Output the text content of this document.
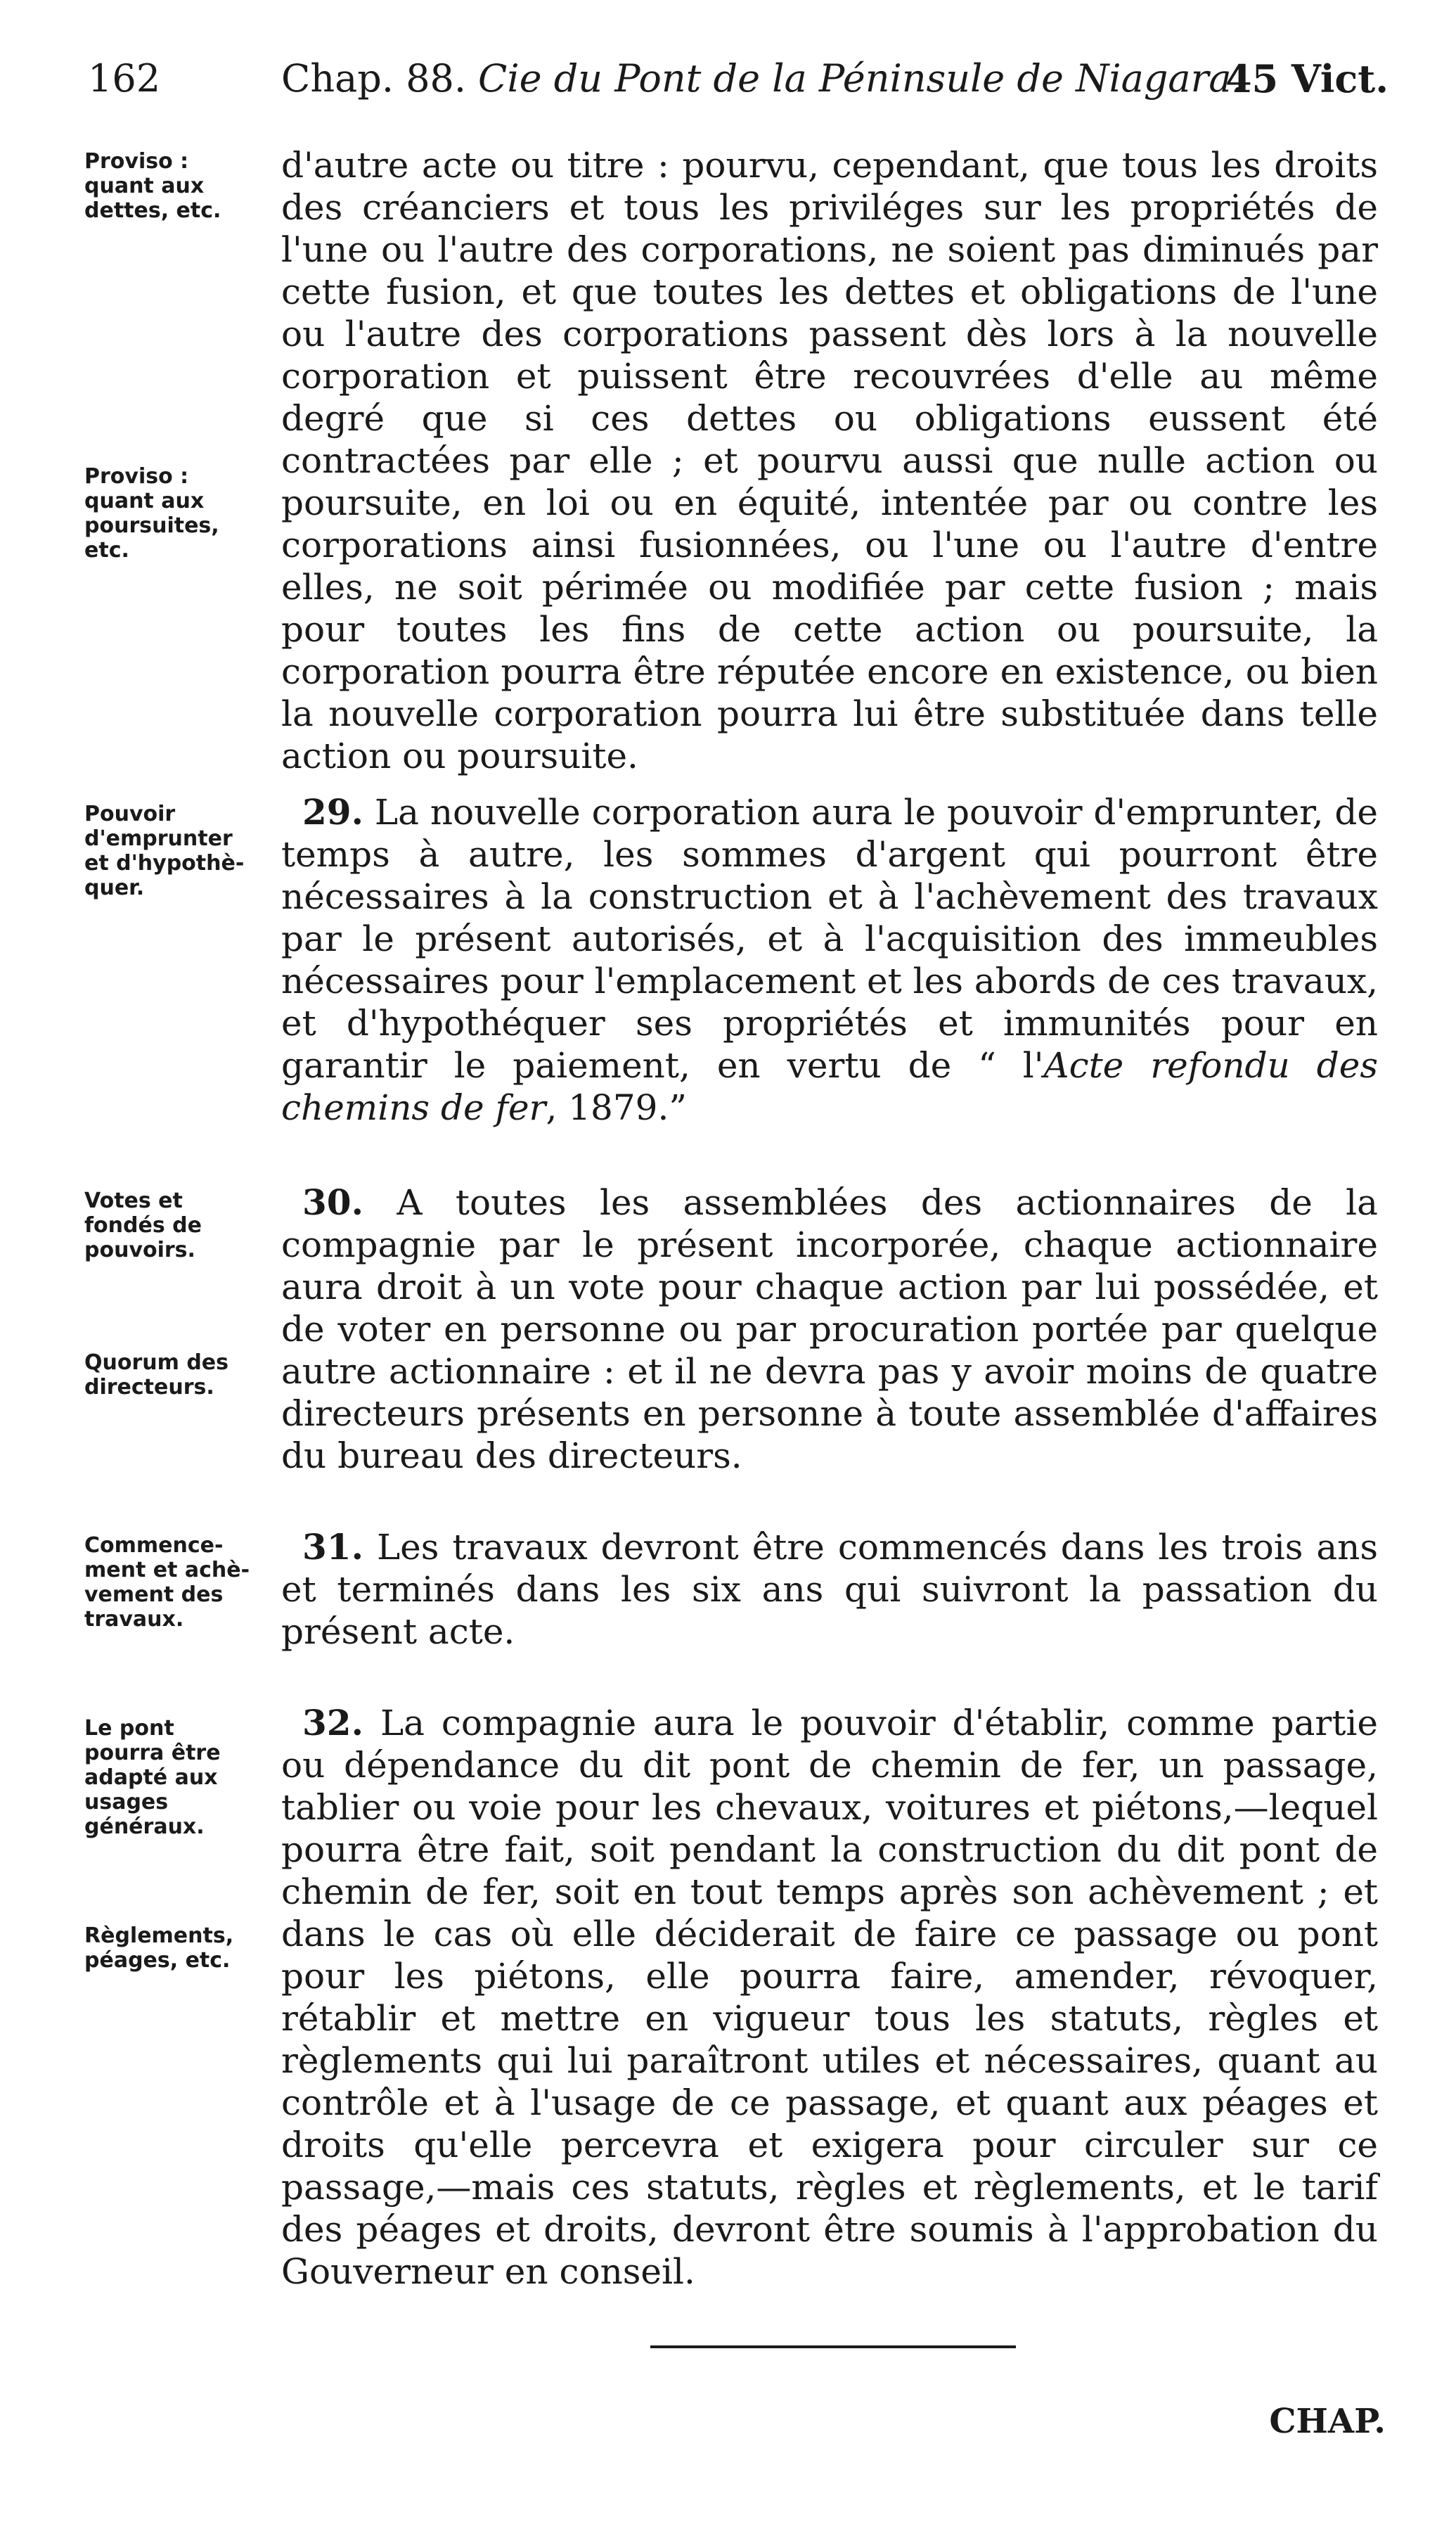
162	Chap. 88. Cie du Pont de la Péninsule de Niagara.
45 Vict.
Proviso :
quant aux
dettes, etc.
Proviso :
quant aux
poursuites,
etc.
Pouvoir
d'emprunter
et d'hypothè-
quer.
Votes et
fondés de
pouvoirs.
Quorum des
directeurs.
Commence-
ment et achè-
vement des
travaux.
Le pont
pourra être
adapté aux
usages
généraux.
Règlements,
péages, etc.
d'autre acte ou titre : pourvu, cependant, que tous les droits des créanciers et tous les priviléges sur les propriétés de l'une ou l'autre des corporations, ne soient pas diminués par cette fusion, et que toutes les dettes et obligations de l'une ou l'autre des corporations passent dès lors à la nouvelle corporation et puissent être recouvrées d'elle au même degré que si ces dettes ou obligations eussent été contractées par elle ; et pourvu aussi que nulle action ou poursuite, en loi ou en équité, intentée par ou contre les corporations ainsi fusionnées, ou l'une ou l'autre d'entre elles, ne soit périmée ou modifiée par cette fusion ; mais pour toutes les fins de cette action ou poursuite, la corporation pourra être réputée encore en existence, ou bien la nouvelle corporation pourra lui être substituée dans telle action ou poursuite.
29. La nouvelle corporation aura le pouvoir d'emprunter, de temps à autre, les sommes d'argent qui pourront être nécessaires à la construction et à l'achèvement des travaux par le présent autorisés, et à l'acquisition des immeubles nécessaires pour l'emplacement et les abords de ces travaux, et d'hypothéquer ses propriétés et immunités pour en garantir le paiement, en vertu de “ l'Acte refondu des chemins de fer, 1879.”
30. A toutes les assemblées des actionnaires de la compagnie par le présent incorporée, chaque actionnaire aura droit à un vote pour chaque action par lui possédée, et de voter en personne ou par procuration portée par quelque autre actionnaire : et il ne devra pas y avoir moins de quatre directeurs présents en personne à toute assemblée d'affaires du bureau des directeurs.
31. Les travaux devront être commencés dans les trois ans et terminés dans les six ans qui suivront la passation du présent acte.
32. La compagnie aura le pouvoir d'établir, comme partie ou dépendance du dit pont de chemin de fer, un passage, tablier ou voie pour les chevaux, voitures et piétons,—lequel pourra être fait, soit pendant la construction du dit pont de chemin de fer, soit en tout temps après son achèvement ; et dans le cas où elle déciderait de faire ce passage ou pont pour les piétons, elle pourra faire, amender, révoquer, rétablir et mettre en vigueur tous les statuts, règles et règlements qui lui paraîtront utiles et nécessaires, quant au contrôle et à l'usage de ce passage, et quant aux péages et droits qu'elle percevra et exigera pour circuler sur ce passage,—mais ces statuts, règles et règlements, et le tarif des péages et droits, devront être soumis à l'approbation du Gouverneur en conseil.
CHAP.
